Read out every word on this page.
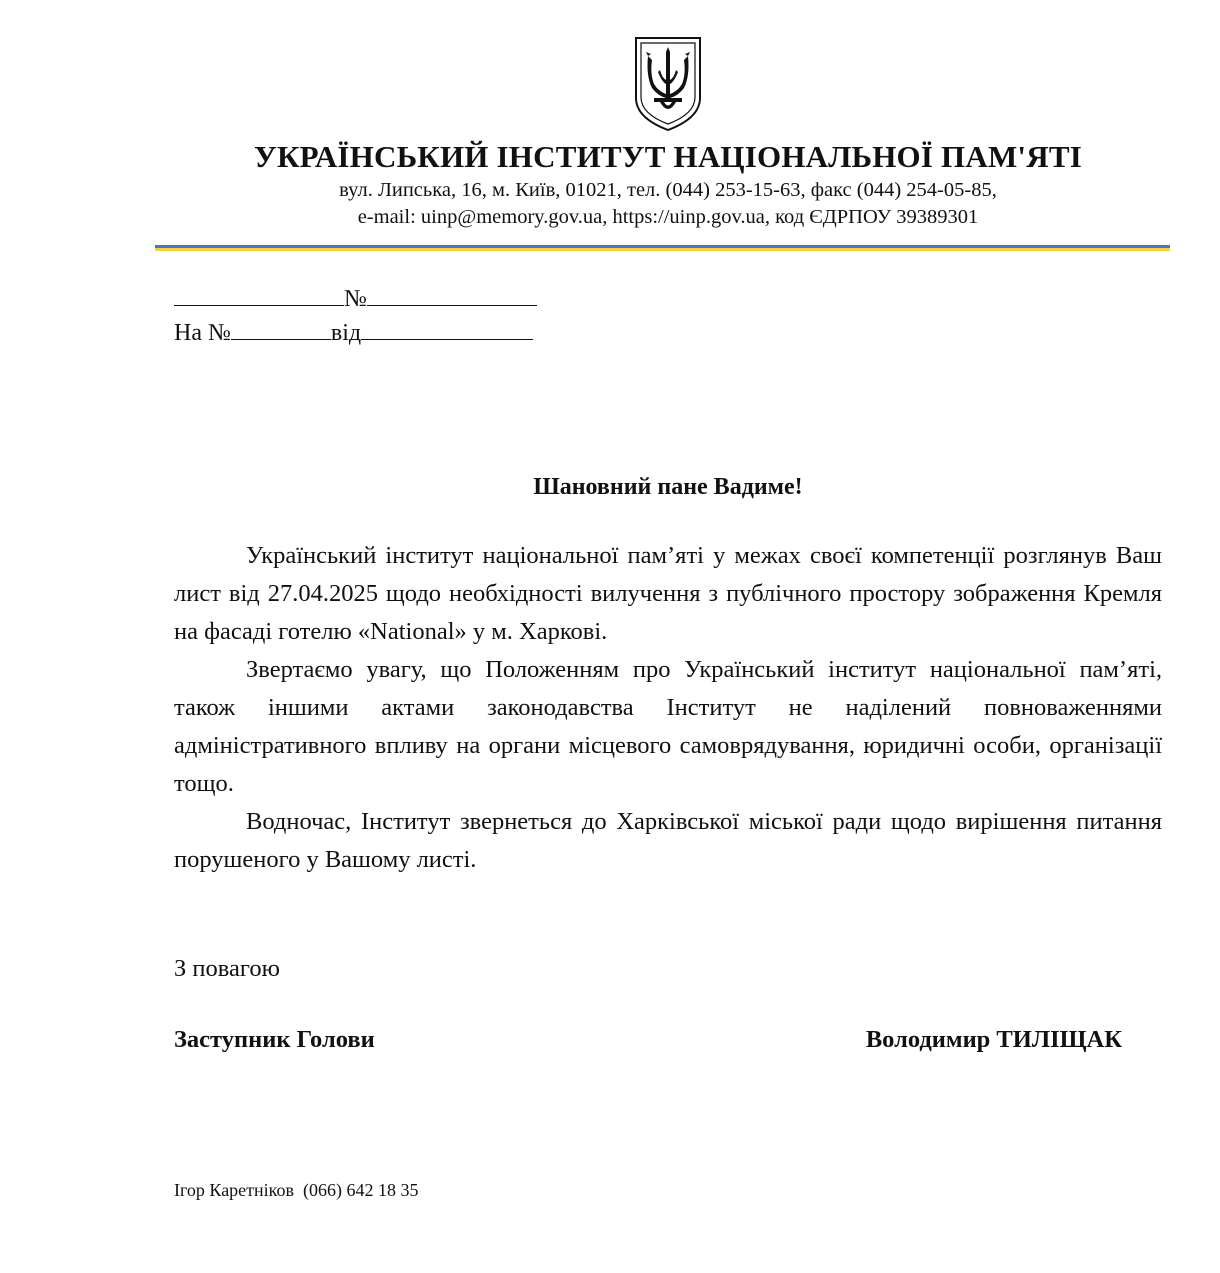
УКРАЇНСЬКИЙ ІНСТИТУТ НАЦІОНАЛЬНОЇ ПАМ'ЯТІ
вул. Липська, 16, м. Київ, 01021, тел. (044) 253-15-63, факс (044) 254-05-85,
e-mail: uinp@memory.gov.ua, https://uinp.gov.ua, код ЄДРПОУ 39389301
№
На №	від
Шановний пане Вадиме!

Український інститут національної пам’яті у межах своєї компетенції розглянув Ваш лист від 27.04.2025 щодо необхідності вилучення з публічного простору зображення Кремля на фасаді готелю «National» у м. Харкові.

Звертаємо увагу, що Положенням про Український інститут національної пам’яті, також іншими актами законодавства Інститут не наділений повноваженнями адміністративного впливу на органи місцевого самоврядування, юридичні особи, організації тощо.

Водночас, Інститут звернеться до Харківської міської ради щодо вирішення питання порушеного у Вашому листі.

З повагою
Заступник Голови	Володимир ТИЛІЩАК
Ігор Каретніков  (066) 642 18 35
